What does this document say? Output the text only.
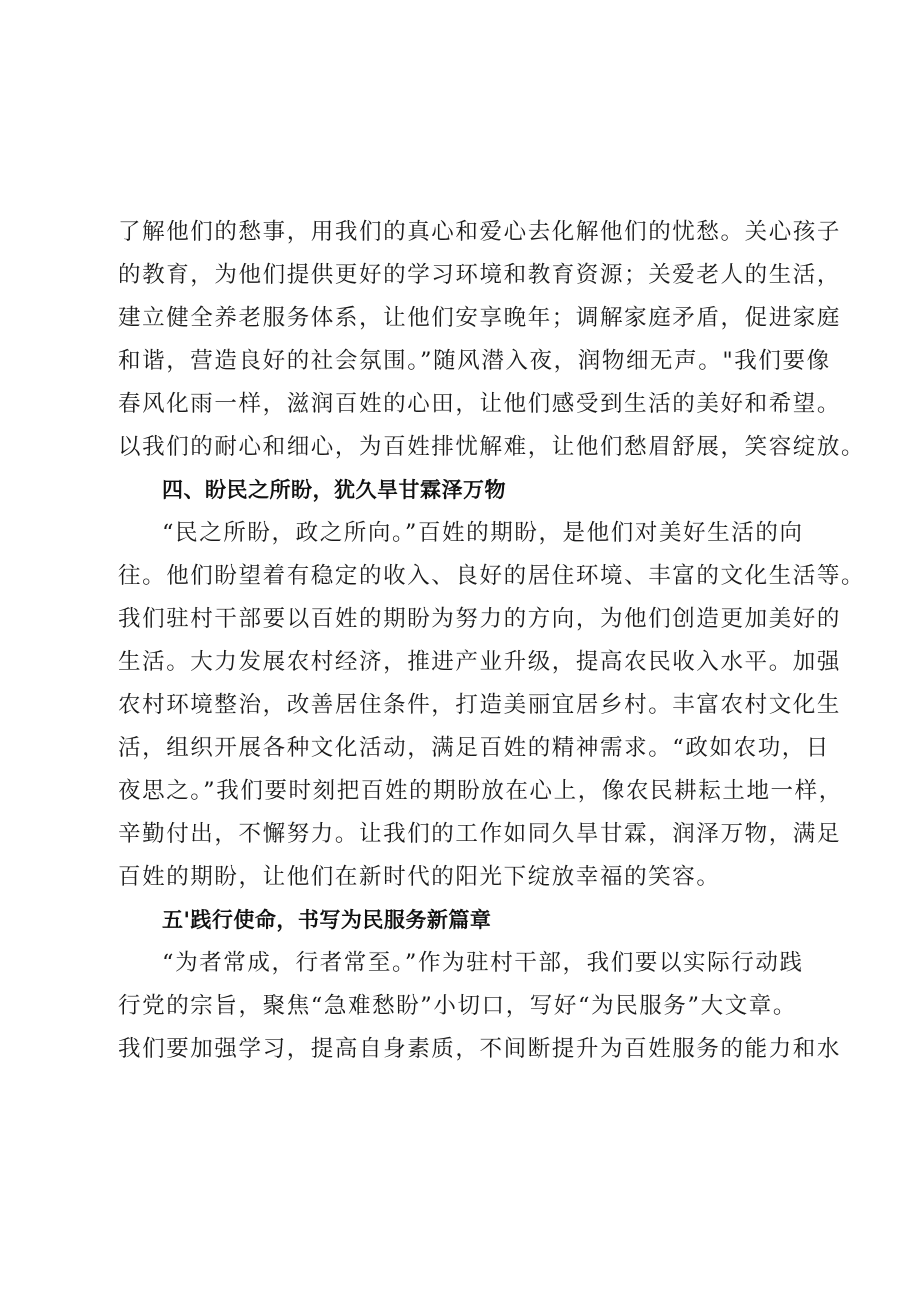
了解他们的愁事，用我们的真心和爱心去化解他们的忧愁。关心孩子

的教育，为他们提供更好的学习环境和教育资源；关爱老人的生活，

建立健全养老服务体系，让他们安享晚年；调解家庭矛盾，促进家庭

和谐，营造良好的社会氛围。”随风潜入夜，润物细无声。"我们要像

春风化雨一样，滋润百姓的心田，让他们感受到生活的美好和希望。

以我们的耐心和细心，为百姓排忧解难，让他们愁眉舒展，笑容绽放。

四、盼民之所盼，犹久旱甘霖泽万物

“民之所盼，政之所向。”百姓的期盼，是他们对美好生活的向

往。他们盼望着有稳定的收入、良好的居住环境、丰富的文化生活等。

我们驻村干部要以百姓的期盼为努力的方向，为他们创造更加美好的

生活。大力发展农村经济，推进产业升级，提高农民收入水平。加强

农村环境整治，改善居住条件，打造美丽宜居乡村。丰富农村文化生

活，组织开展各种文化活动，满足百姓的精神需求。“政如农功，日

夜思之。”我们要时刻把百姓的期盼放在心上，像农民耕耘土地一样，

辛勤付出，不懈努力。让我们的工作如同久旱甘霖，润泽万物，满足

百姓的期盼，让他们在新时代的阳光下绽放幸福的笑容。

五'践行使命，书写为民服务新篇章

“为者常成，行者常至。”作为驻村干部，我们要以实际行动践

行党的宗旨，聚焦“急难愁盼”小切口，写好“为民服务”大文章。

我们要加强学习，提高自身素质，不间断提升为百姓服务的能力和水
